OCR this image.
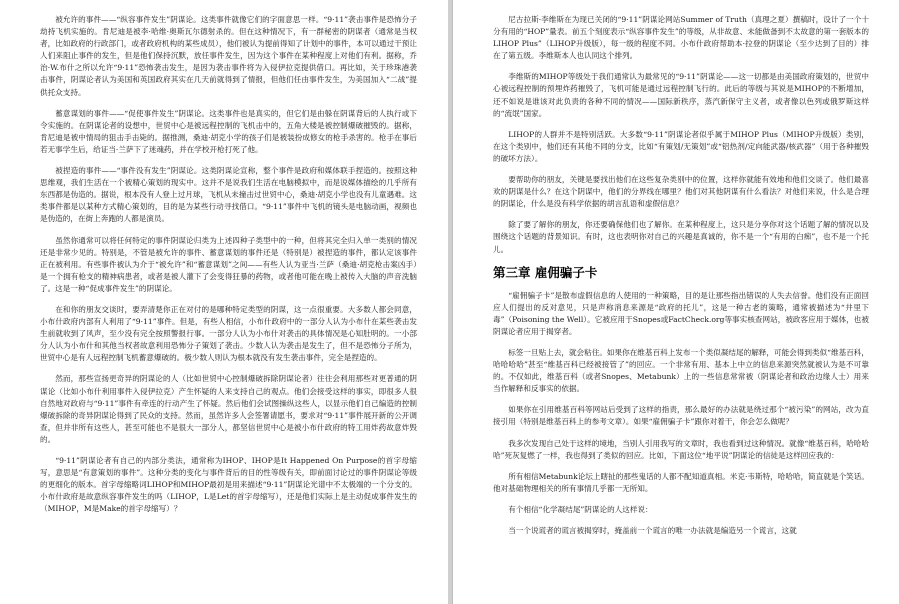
被允许的事件——“纵容事件发生”阴谋论。这类事件就像它们的字面意思一样。“9·11”袭击事件是恐怖分子劫持飞机实施的。肯尼迪是被李·哈维·奥斯瓦尔德射杀的。但在这种情况下，有一群秘密的阴谋者（通常是当权者，比如政府的行政部门，或者政府机构的某些成员），他们被认为提前得知了计划中的事件，本可以通过干预让人们来阻止事件的发生，但是他们保持沉默，放任事件发生，因为这个事件在某种程度上对他们有利。据称，乔治·W.布什之所以允许“9·11”恐怖袭击发生，是因为袭击事件将为入侵伊拉克提供借口。再比如，关于珍珠港袭击事件，阴谋论者认为美国和英国政府其实在几天前就得到了情报，但他们任由事件发生，为美国加入“二战”提供托众支持。

蓄意谋划的事件——“促使事件发生”阴谋论。这类事件也是真实的，但它们是由躲在阴谋背后的人执行或下令实施的。在阴谋论者的设想中，世贸中心是被远程控制的飞机击中的，五角大楼是被控制爆破摧毁的。据称，肯尼迪是被中情局的狙击手击毙的。据推测，桑迪·胡克小学的孩子们是被装扮成修女的枪手杀害的。枪手在事后若无事学生后，给证当·兰萨下了迷魂药，并在学校开枪打死了他。

被捏造的事件——“事件没有发生”阴谋论。这类阴谋论宣称，整个事件是政府和媒体联手捏造的。按照这种思维观，我们生活在一个被精心策划的现实中。这并不是说我们生活在电脑模拟中，而是说媒体描绘的几乎所有东西都是伪造的。据说，根本没有人登上过月球，飞机从未撞击过世贸中心，桑迪·胡克小学也没有儿童遇难。这类事件都是以某种方式精心策划的，目的是为某些行动寻找借口。“9·11”事件中飞机的镜头是电脑动画，视频也是伪造的，在街上奔跑的人都是演员。

虽然你通常可以将任何特定的事件阴谋论归类为上述四种子类型中的一种，但将其完全归入单一类别的情况还是非常少见的。特别是，不管是被允许的事件、蓄意谋划的事件还是（特别是）被捏造的事件，都认定该事件正在被利用。有些事件被认为介于“被允许”和“蓄意谋划”之间——有些人认为亚当·兰萨（桑迪·胡克枪击案凶手）是一个拥有枪支的精神病患者，或者是被人灌下了会变得狂暴的药物，或者他可能在晚上被传入大脑的声音洗脑了。这是一种“促成事件发生”的阴谋论。

在和你的朋友交谈时，要弄清楚你正在对付的是哪种特定类型的阴谋，这一点很重要。大多数人都会同意，小布什政府内部有人利用了“9·11”事件。但是，有些人相信，小布什政府中的一部分人认为小布什在某些袭击发生前就收到了风声，至少没有完全按照警报行事。一部分人认为小布什对袭击的具体情况是心知肚明的。一小部分人认为小布什和其他当权者故意利用恐怖分子策划了袭击。少数人认为袭击是发生了，但不是恐怖分子所为，世贸中心是有人远程控制飞机蓄意爆破的。极少数人则认为根本就没有发生袭击事件，完全是捏造的。

然而，那些宣扬更奇异的阴谋论的人（比如世贸中心控制爆破拆除阴谋论者）往往会利用那些对更普通的阴谋论（比如小布什利用事件入侵伊拉克）产生怀疑的人来支持自己的观点。他们会接受这样的事实，即很多人很自然地对政府与“9·11”事件有牵连的行动产生了怀疑。然后他们会试图操纵这些人，以显示他们自己编造的控制爆破拆除的奇异阴谋论得到了民众的支持。然而，虽然许多人会签署请愿书，要求对“9·11”事件展开新的公开调查，但并非所有这些人，甚至可能也不是很大一部分人，都坚信世贸中心是被小布什政府的特工用炸药故意炸毁的。

“9·11”阴谋论者有自己的内部分类法，通常称为IHOP、IHOP是It Happened On Purpose的首字母缩写，意思是“有意策划的事件”。这种分类的变化与事件背后的目的性等级有关，即前面讨论过的事件阴谋论等级的更细化的版本。首字母缩略词LIHOP和MIHOP最初是用来描述“9·11”阴谋论光谱中不太极端的一个分支的。小布什政府是故意纵容事件发生的吗（LIHOP，L是Let的首字母缩写），还是他们实际上是主动促成事件发生的（MIHOP，M是Make的首字母缩写）？

尼古拉斯·李维斯在为现已关闭的“9·11”阴谋论网站Summer of Truth（真理之夏）撰稿时，设计了一个十分有用的“HOP”量表。前五个刻度表示“纵容事件发生”的等级，从非故意、未能做备到不太故意的第一套版本的LIHOP Plus”（LIHOP升级版），每一级的程度不同。小布什政府帮助本·拉登的阴谋论（至少达到了目的）排在了第五级。李维斯本人也认同这个排列。

李维斯的MIHOP等级处于我们通常认为最常见的“9·11”阴谋论——这一切都是由美国政府策划的，世贸中心被远程控制的预埋炸药摧毁了，飞机可能是通过远程控制飞行的。此后的等级与其说是MIHOP的不断增加，还不如说是谁该对此负责的各种不同的情况——国际新秩序，蒸汽新保守主义者，或者像以色列或俄罗斯这样的“流氓”国家。

LIHOP的人群并不是特别活跃。大多数“9·11”阴谋论者似乎属于MIHOP Plus（MIHOP升级版）类别，在这个类别中，他们还有其他不同的分支，比如“有策划/无策划”或“铝热剂/定向能武器/核武器”（用于各种摧毁的破坏方法）。

要帮助你的朋友，关键是要找出他们在这些复杂类别中的位置，这样你就能有效地和他们交谈了。他们最喜欢的阴谋是什么？在这个阴谋中，他们的分界线在哪里？他们对其他阴谋有什么看法？对他们来说，什么是合理的阴谋论，什么是没有科学依据的胡言乱语和虚假信息？

除了要了解你的朋友，你还要确保他们也了解你。在某种程度上，这只是分享你对这个话题了解的情况以及围绕这个话题的背景知识。有时，这也表明你对自己的兴趣是真诚的，你不是一个“有用的白痴”，也不是一个托儿。

第三章 雇佣骗子卡

“雇佣骗子卡”是散布虚假信息的人使用的一种策略，目的是让那些指出错误的人失去信誉。他们没有正面回应人们提出的反对意见，只是声称消息来源是“政府的托儿”，这是一种古老的策略，通常被描述为“井里下毒”（Poisoning the Well）。它被应用于Snopes或FactCheck.org等事实核查网站，被政客应用于媒体，也被阴谋论者应用于揭穿者。

标签一旦贴上去，就会粘住。如果你在维基百科上发布一个类似凝结尾的解释，可能会得到类似“维基百科，哈哈哈哈”甚至“维基百科已经被接管了”的回应。一个非常有用、基本上中立的信息来源突然就被认为是不可靠的。不仅如此，维基百科（或者Snopes、Metabunk）上的一些信息常常被（阴谋论者和政治边缘人士）用来当作解释和反事实的依据。

如果你在引用维基百科等网站后受到了这样的指责，那么最好的办法就是绕过那个“被污染”的网站，改为直接引用（特别是维基百科上的参考文章）。如果“雇佣骗子卡”跟你对着干，你会怎么做呢？

我多次发现自己处于这样的境地，当别人引用我写的文章时，我也看到过这种情况。就像“维基百科，哈哈哈哈”死灰复燃了一样，我也得到了类似的回应。比如，下面这位“地平说”阴谋论的信徒是这样回应我的：

所有相信Metabunk论坛上瞎扯的那些鬼话的人都不配知道真相。米克·韦斯特，哈哈哈，简直就是个笑话。他对基础物理相关的所有事情几乎都一无所知。

有个相信“化学凝结尾”阴谋论的人这样说：

当一个说谎者的谎言被揭穿时，掩盖前一个谎言的唯一办法就是编造另一个谎言，这就
